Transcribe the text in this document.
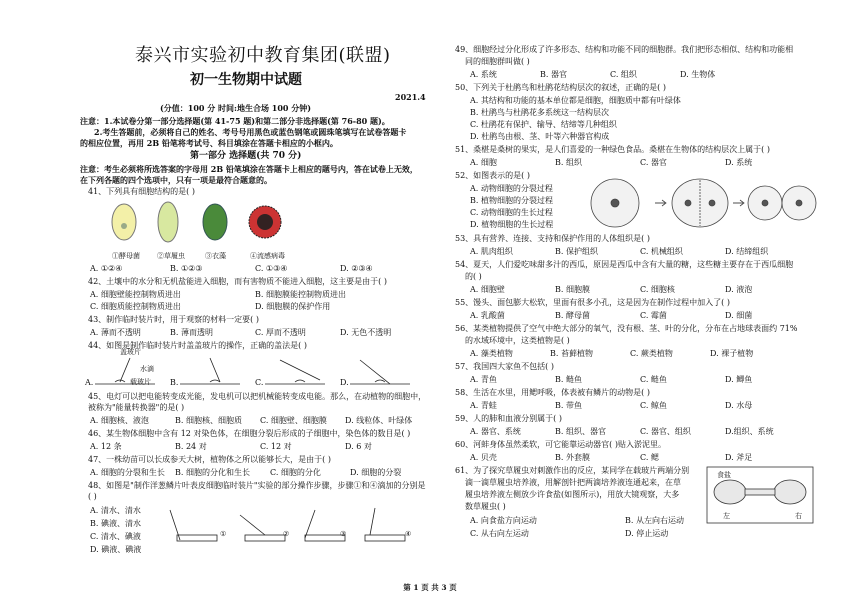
泰兴市实验初中教育集团(联盟)
初一生物期中试题
2021.4
(分值：100 分 时间:地生合场 100 分钟)
注意：1.本试卷分第一部分选择题(第 41-75 题)和第二部分非选择题(第 76-80 题)。
2.考生答题前，必须将自己的姓名、考号号用黑色或蓝色钢笔或圆珠笔填写在试卷答题卡
的相应位置，再用 2B 铅笔将考试号、科目填涂在答题卡相应的小框内。
第一部分 选择题(共 70 分)
注意：考生必须将所选答案的字母用 2B 铅笔填涂在答题卡上相应的题号内，答在试卷上无效，
在下列各题的四个选项中，只有一项是最符合题意的。
41、下列具有细胞结构的是( )
①酵母菌 ②草履虫	③衣藻	④流感病毒
A. ①②④	B. ①②③	C. ①③④	D. ②③④
42、土壤中的水分和无机盐能进入细胞，而有害物质不能进入细胞，这主要是由于( )
A. 细胞壁能控制物质进出	B. 细胞膜能控制物质进出
C. 细胞质能控制物质进出	D. 细胞膜的保护作用
43、制作临时装片时，用于观察的材料一定要( )
A. 薄而不透明	B. 薄而透明	C. 厚而不透明	D. 无色不透明
44、如图是制作临时装片时盖盖玻片的操作，正确的盖法是( )
盖玻片
载玻片
水滴
A.	B.	C.	D.
45、电灯可以把电能转变成光能，发电机可以把机械能转变成电能。那么，在动植物的细胞中，
被称为"能量转换器"的是( )
A. 细胞核、液泡	B. 细胞核、细胞质 C. 细胞壁、细胞膜 D. 线粒体、叶绿体
46、某生物体细胞中含有 12 对染色体，在细胞分裂后形成的子细胞中，染色体的数目是( )
A. 12 条	B. 24 对	C. 12 对	D. 6 对
47、一株幼苗可以长成参天大树，植物体之所以能够长大，是由于( )
A. 细胞的分裂和生长 B. 细胞的分化和生长	C. 细胞的分化	D. 细胞的分裂
48、如图是"制作洋葱鳞片叶表皮细胞临时装片"实验的部分操作步骤，步骤①和④滴加的分别是
( )
A. 清水、清水
B. 碘液、清水
C. 清水、碘液
D. 碘液、碘液
①	②	③	④
49、细胞经过分化形成了许多形态、结构和功能不同的细胞群。我们把形态相似、结构和功能相
同的细胞群叫做( )
A. 系统	B. 器官	C. 组织	D. 生物体
50、下列关于杜鹃鸟和杜鹃花结构层次的叙述，正确的是( )
A. 其结构和功能的基本单位都是细胞，细胞质中都有叶绿体
B. 杜鹃鸟与杜鹃花多系统这一结构层次
C. 杜鹃花有保护、输导、结缔等几种组织
D. 杜鹃鸟由根、茎、叶等六种器官构成
51、桑椹是桑树的果实，是人们喜爱的一种绿色食品。桑椹在生物体的结构层次上属于( )
A. 细胞	B. 组织	C. 器官	D. 系统
52、如图表示的是( )
A. 动物细胞的分裂过程
B. 植物细胞的分裂过程
C. 动物细胞的生长过程
D. 植物细胞的生长过程
53、具有营养、连接、支持和保护作用的人体组织是( )
A. 肌肉组织	B. 保护组织	C. 机械组织	D. 结缔组织
54、夏天，人们爱吃味甜多汁的西瓜，原因是西瓜中含有大量的糖，这些糖主要存在于西瓜细胞
的( )
A. 细胞壁	B. 细胞膜	C. 细胞核	D. 液泡
55、馒头、面包膨大松软，里面有很多小孔，这是因为在制作过程中加入了( )
A. 乳酸菌	B. 酵母菌	C. 霉菌	D. 细菌
56、某类植物提供了空气中绝大部分的氧气，没有根、茎、叶的分化，分布在占地球表面约 71%
的水域环境中，这类植物是( )
A. 藻类植物	B. 苔藓植物	C. 蕨类植物	D. 裸子植物
57、我国四大家鱼不包括( )
A. 青鱼	B. 鲢鱼	C. 鲢鱼	D. 鲫鱼
58、生活在水里，用鳃呼吸，体表被有鳞片的动物是( )
A. 青蛙	B. 带鱼	C. 鲸鱼	D. 水母
59、人的肺和血液分别属于( )
A. 器官、系统	B. 组织、器官	C. 器官、组织	D.组织、系统
60、河蚌身体虽然柔软，可它能靠运动器官( )贴入淤泥里。
A. 贝壳	B. 外套膜	C. 鳃	D. 斧足
61、为了探究草履虫对刺激作出的反应，某同学在载玻片两端分别
滴一滴草履虫培养液，用解剖针把两滴培养液连通起来，在草
履虫培养液左侧放少许食盐(如图所示)，用放大镜观察，大多
数草履虫( )
食盐
左	右
A. 向食盐方向运动	B. 从左向右运动
C. 从右向左运动	D. 停止运动
第 1 页 共 3 页
